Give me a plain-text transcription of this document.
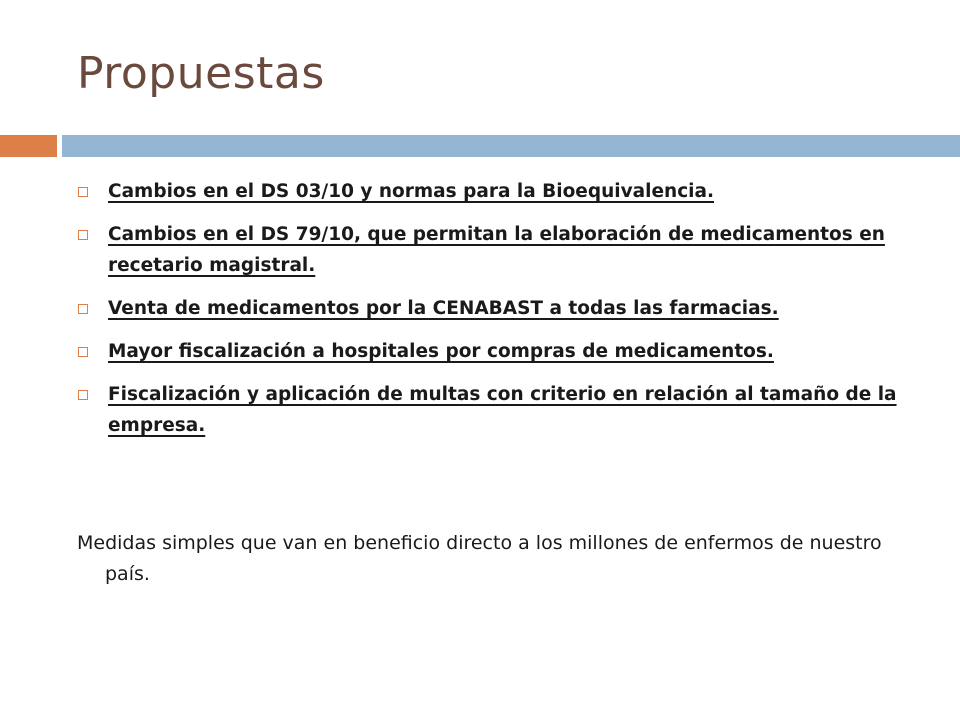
Propuestas
Cambios en el DS 03/10 y normas para la Bioequivalencia.
Cambios en el DS 79/10, que permitan la elaboración de medicamentos en recetario magistral.
Venta de medicamentos por la CENABAST a todas las farmacias.
Mayor fiscalización a hospitales por compras de medicamentos.
Fiscalización y aplicación de multas con criterio en relación al tamaño de la empresa.

Medidas simples que van en beneficio directo a los millones de enfermos de nuestro país.
